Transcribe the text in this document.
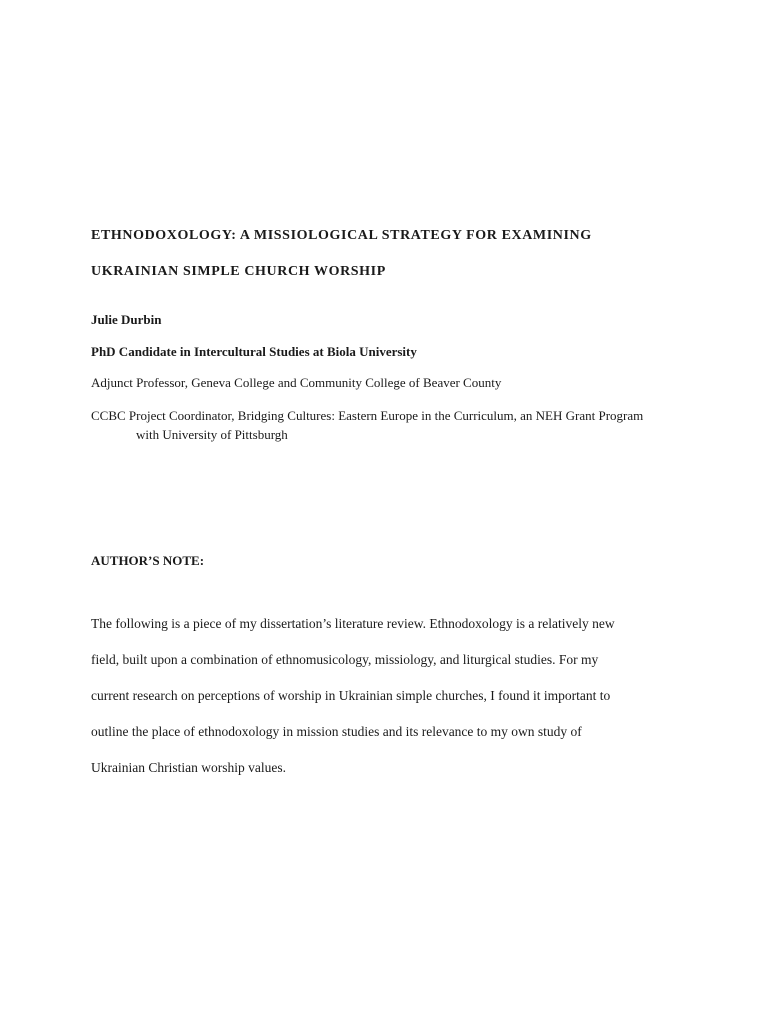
ETHNODOXOLOGY: A MISSIOLOGICAL STRATEGY FOR EXAMINING
UKRAINIAN SIMPLE CHURCH WORSHIP
Julie Durbin
PhD Candidate in Intercultural Studies at Biola University
Adjunct Professor, Geneva College and Community College of Beaver County
CCBC Project Coordinator, Bridging Cultures: Eastern Europe in the Curriculum, an NEH Grant Program
with University of Pittsburgh
AUTHOR’S NOTE:
The following is a piece of my dissertation’s literature review. Ethnodoxology is a relatively new
field, built upon a combination of ethnomusicology, missiology, and liturgical studies. For my
current research on perceptions of worship in Ukrainian simple churches, I found it important to
outline the place of ethnodoxology in mission studies and its relevance to my own study of
Ukrainian Christian worship values.
